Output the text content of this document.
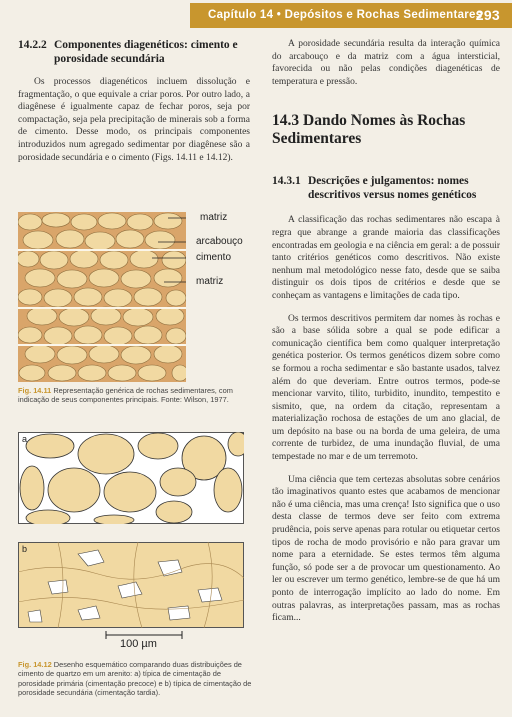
Capítulo 14 • Depósitos e Rochas Sedimentares
293
14.2.2 Componentes diagenéticos: cimento e porosidade secundária

Os processos diagenéticos incluem dissolução e fragmentação, o que equivale a criar poros. Por outro lado, a diagênese é igualmente capaz de fechar poros, seja por compactação, seja pela precipitação de minerais sob a forma de cimento. Desse modo, os principais componentes introduzidos num agregado sedimentar por diagênese são a porosidade secundária e o cimento (Figs. 14.11 e 14.12).

matriz
arcabouço
cimento
matriz
Fig. 14.11 Representação genérica de rochas sedimentares, com indicação de seus componentes principais. Fonte: Wilson, 1977.
a
b
100 µm
Fig. 14.12 Desenho esquemático comparando duas distribuições de cimento de quartzo em um arenito: a) típica de cimentação de porosidade primária (cimentação precoce) e b) típica de cimentação de porosidade secundária (cimentação tardia).

A porosidade secundária resulta da interação química do arcabouço e da matriz com a água intersticial, favorecida ou não pelas condições diagenéticas de temperatura e pressão.

14.3 Dando Nomes às Rochas Sedimentares
14.3.1 Descrições e julgamentos: nomes descritivos versus nomes genéticos

A classificação das rochas sedimentares não escapa à regra que abrange a grande maioria das classificações encontradas em geologia e na ciência em geral: a de possuir tanto critérios genéticos como descritivos. Não existe nenhum mal metodológico nesse fato, desde que se saiba distinguir os dois tipos de critérios e desde que se conheçam as vantagens e limitações de cada tipo.

Os termos descritivos permitem dar nomes às rochas e são a base sólida sobre a qual se pode edificar a comunicação científica bem como qualquer interpretação genética posterior. Os termos genéticos dizem sobre como se formou a rocha sedimentar e são bastante usados, talvez além do que deveriam. Entre outros termos, pode-se mencionar varvito, tilito, turbidito, inundito, tempestito e sismito, que, na ordem da citação, representam a materialização rochosa de estações de um ano glacial, de um depósito na base ou na borda de uma geleira, de uma corrente de turbidez, de uma inundação fluvial, de uma tempestade no mar e de um terremoto.

Uma ciência que tem certezas absolutas sobre cenários tão imaginativos quanto estes que acabamos de mencionar não é uma ciência, mas uma crença! Isto significa que o uso desta classe de termos deve ser feito com extrema prudência, pois serve apenas para rotular ou etiquetar certos tipos de rocha de modo provisório e não para gravar um nome para a eternidade. Se estes termos têm alguma função, só pode ser a de provocar um questionamento. Ao ler ou escrever um termo genético, lembre-se de que há um ponto de interrogação implícito ao lado do nome. Em outras palavras, as interpretações passam, mas as rochas ficam...
